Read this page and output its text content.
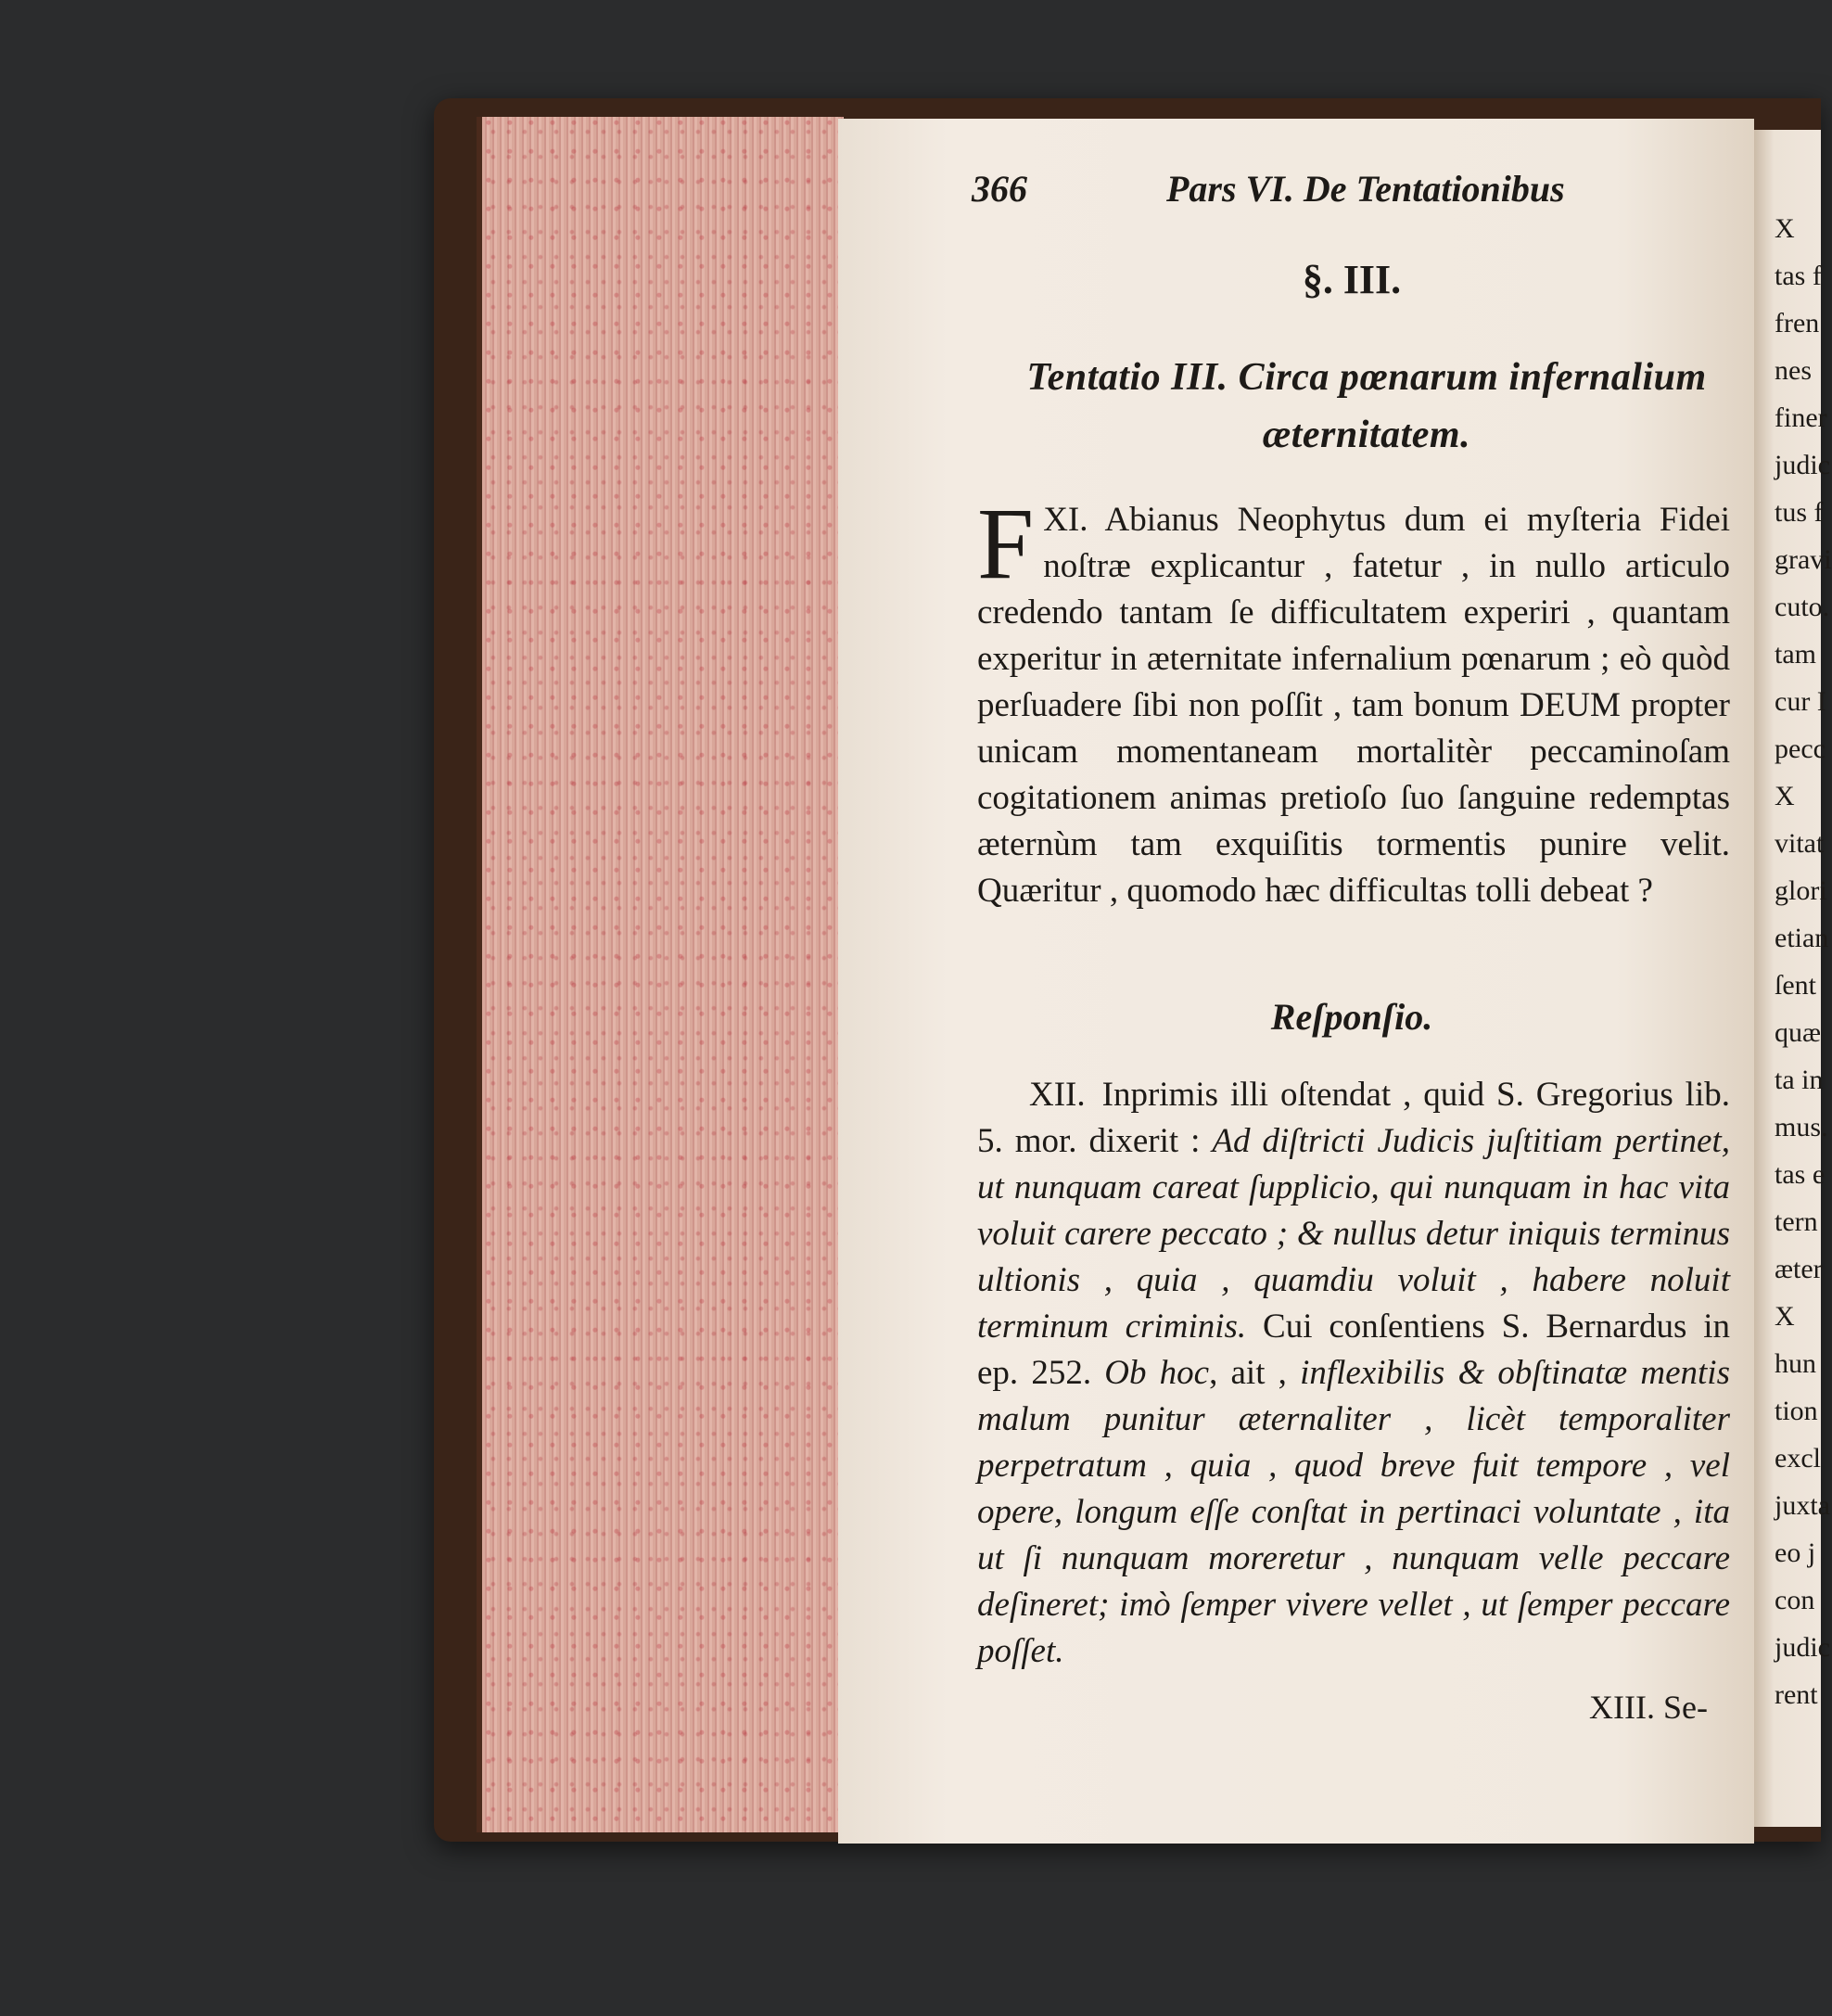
366	Pars VI. De Tentationibus
§. III.
Tentatio III. Circa pœnarum infernalium
æternitatem.
XI.
F Abianus Neophytus dum ei myſteria Fidei noſtræ explicantur , fatetur , in nullo articulo credendo tantam ſe difficultatem experiri , quantam experitur in æternitate infernalium pœnarum ; eò quòd perſuadere ſibi non poſſit , tam bonum DEUM propter unicam momentaneam mortalitèr peccaminoſam cogitationem animas pretioſo ſuo ſanguine redemptas æternùm tam exquiſitis tormentis punire velit. Quæritur , quomodo hæc difficultas tolli debeat ?
Reſponſio.
XII. Inprimis illi oſtendat , quid S. Gregorius lib. 5. mor. dixerit : Ad diſtricti Judicis juſtitiam pertinet, ut nunquam careat ſupplicio, qui nunquam in hac vita voluit carere peccato ; & nullus detur iniquis terminus ultionis , quia , quamdiu voluit , habere noluit terminum criminis. Cui conſentiens S. Bernardus in ep. 252. Ob hoc, ait , inflexibilis & obſtinatæ mentis malum punitur æternaliter , licèt temporaliter perpetratum , quia , quod breve fuit tempore , vel opere, longum eſſe conſtat in pertinaci voluntate , ita ut ſi nunquam moreretur , nunquam velle peccare deſineret; imò ſemper vivere vellet , ut ſemper peccare poſſet.
XIII. Se-
X
tas f
fren
nes
finer
judic
tus f
gravi
cuto.
tam
cur I
pecc
X
vitat
glori
etian
ſent
quæ
ta in
mus.
tas e
tern
æter
X
hun
tion
excl
juxta
eo j
con
judic
rent
